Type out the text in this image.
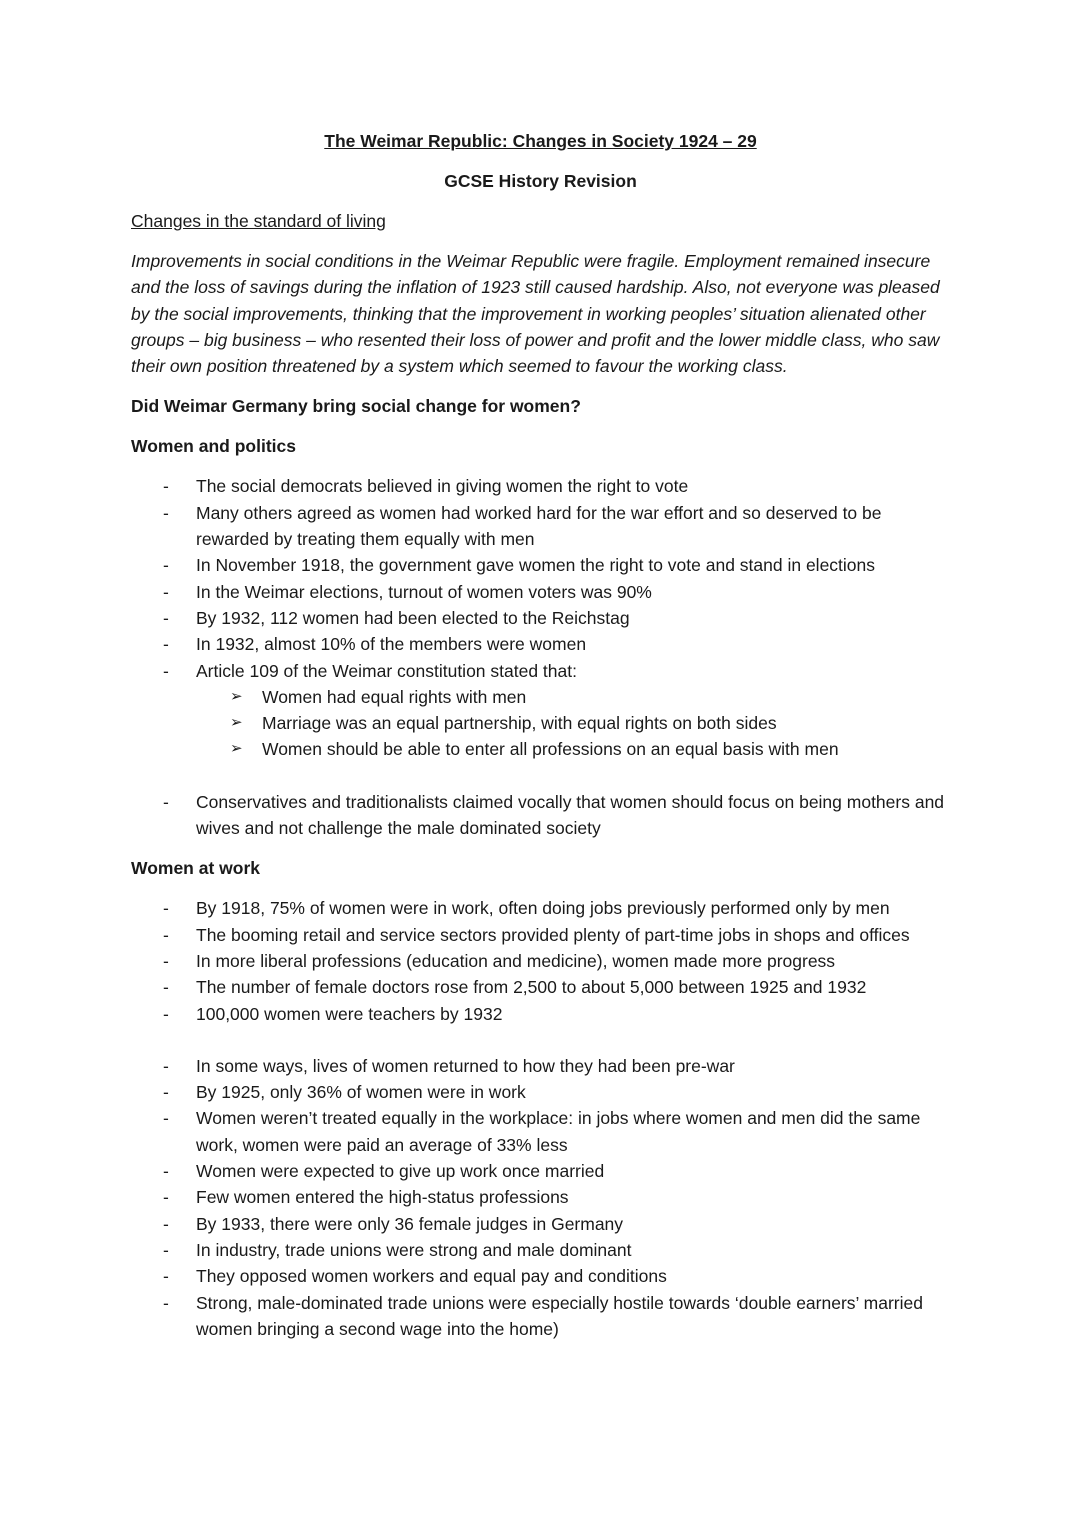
The Weimar Republic: Changes in Society 1924 – 29

GCSE History Revision

Changes in the standard of living

Improvements in social conditions in the Weimar Republic were fragile. Employment remained insecure and the loss of savings during the inflation of 1923 still caused hardship. Also, not everyone was pleased by the social improvements, thinking that the improvement in working peoples’ situation alienated other groups – big business – who resented their loss of power and profit and the lower middle class, who saw their own position threatened by a system which seemed to favour the working class.

Did Weimar Germany bring social change for women?

Women and politics

- The social democrats believed in giving women the right to vote
- Many others agreed as women had worked hard for the war effort and so deserved to be rewarded by treating them equally with men
- In November 1918, the government gave women the right to vote and stand in elections
- In the Weimar elections, turnout of women voters was 90%
- By 1932, 112 women had been elected to the Reichstag
- In 1932, almost 10% of the members were women
- Article 109 of the Weimar constitution stated that:
➢ Women had equal rights with men
➢ Marriage was an equal partnership, with equal rights on both sides
➢ Women should be able to enter all professions on an equal basis with men
- Conservatives and traditionalists claimed vocally that women should focus on being mothers and wives and not challenge the male dominated society

Women at work

- By 1918, 75% of women were in work, often doing jobs previously performed only by men
- The booming retail and service sectors provided plenty of part-time jobs in shops and offices
- In more liberal professions (education and medicine), women made more progress
- The number of female doctors rose from 2,500 to about 5,000 between 1925 and 1932
- 100,000 women were teachers by 1932
- In some ways, lives of women returned to how they had been pre-war
- By 1925, only 36% of women were in work
- Women weren’t treated equally in the workplace: in jobs where women and men did the same work, women were paid an average of 33% less
- Women were expected to give up work once married
- Few women entered the high-status professions
- By 1933, there were only 36 female judges in Germany
- In industry, trade unions were strong and male dominant
- They opposed women workers and equal pay and conditions
- Strong, male-dominated trade unions were especially hostile towards ‘double earners’ married women bringing a second wage into the home)
